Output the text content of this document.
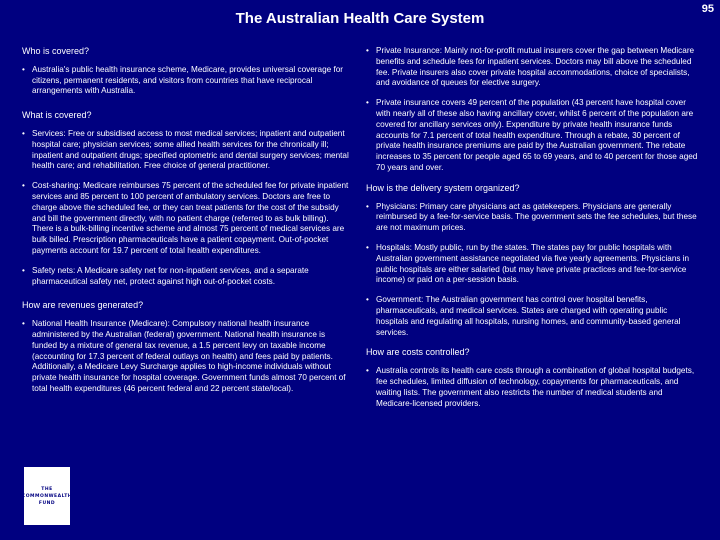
The Australian Health Care System
95
Who is covered?
• Australia's public health insurance scheme, Medicare, provides universal coverage for citizens, permanent residents, and visitors from countries that have reciprocal arrangements with Australia.
What is covered?
• Services: Free or subsidised access to most medical services; inpatient and outpatient hospital care; physician services; some allied health services for the chronically ill; inpatient and outpatient drugs; specified optometric and dental surgery services; mental health care; and rehabilitation. Free choice of general practitioner.
• Cost-sharing: Medicare reimburses 75 percent of the scheduled fee for private inpatient services and 85 percent to 100 percent of ambulatory services. Doctors are free to charge above the scheduled fee, or they can treat patients for the cost of the subsidy and bill the government directly, with no patient charge (referred to as bulk billing). There is a bulk-billing incentive scheme and almost 75 percent of medical services are bulk billed. Prescription pharmaceuticals have a patient copayment. Out-of-pocket payments account for 19.7 percent of total health expenditures.
• Safety nets: A Medicare safety net for non-inpatient services, and a separate pharmaceutical safety net, protect against high out-of-pocket costs.
How are revenues generated?
• National Health Insurance (Medicare): Compulsory national health insurance administered by the Australian (federal) government. National health insurance is funded by a mixture of general tax revenue, a 1.5 percent levy on taxable income (accounting for 17.3 percent of federal outlays on health) and fees paid by patients. Additionally, a Medicare Levy Surcharge applies to high-income individuals without private health insurance for hospital coverage. Government funds almost 70 percent of total health expenditures (46 percent federal and 22 percent state/local).
• Private Insurance: Mainly not-for-profit mutual insurers cover the gap between Medicare benefits and schedule fees for inpatient services. Doctors may bill above the scheduled fee. Private insurers also cover private hospital accommodations, choice of specialists, and avoidance of queues for elective surgery.
• Private insurance covers 49 percent of the population (43 percent have hospital cover with nearly all of these also having ancillary cover, whilst 6 percent of the population are covered for ancillary services only). Expenditure by private health insurance funds accounts for 7.1 percent of total health expenditure. Through a rebate, 30 percent of private health insurance premiums are paid by the Australian government. The rebate increases to 35 percent for people aged 65 to 69 years, and to 40 percent for those aged 70 years and over.
How is the delivery system organized?
• Physicians: Primary care physicians act as gatekeepers. Physicians are generally reimbursed by a fee-for-service basis. The government sets the fee schedules, but these are not maximum prices.
• Hospitals: Mostly public, run by the states. The states pay for public hospitals with Australian government assistance negotiated via five yearly agreements. Physicians in public hospitals are either salaried (but may have private practices and fee-for-service income) or paid on a per-session basis.
• Government: The Australian government has control over hospital benefits, pharmaceuticals, and medical services. States are charged with operating public hospitals and regulating all hospitals, nursing homes, and community-based general services.
How are costs controlled?
• Australia controls its health care costs through a combination of global hospital budgets, fee schedules, limited diffusion of technology, copayments for pharmaceuticals, and waiting lists. The government also restricts the number of medical students and Medicare-licensed providers.
THE
COMMONWEALTH
FUND
